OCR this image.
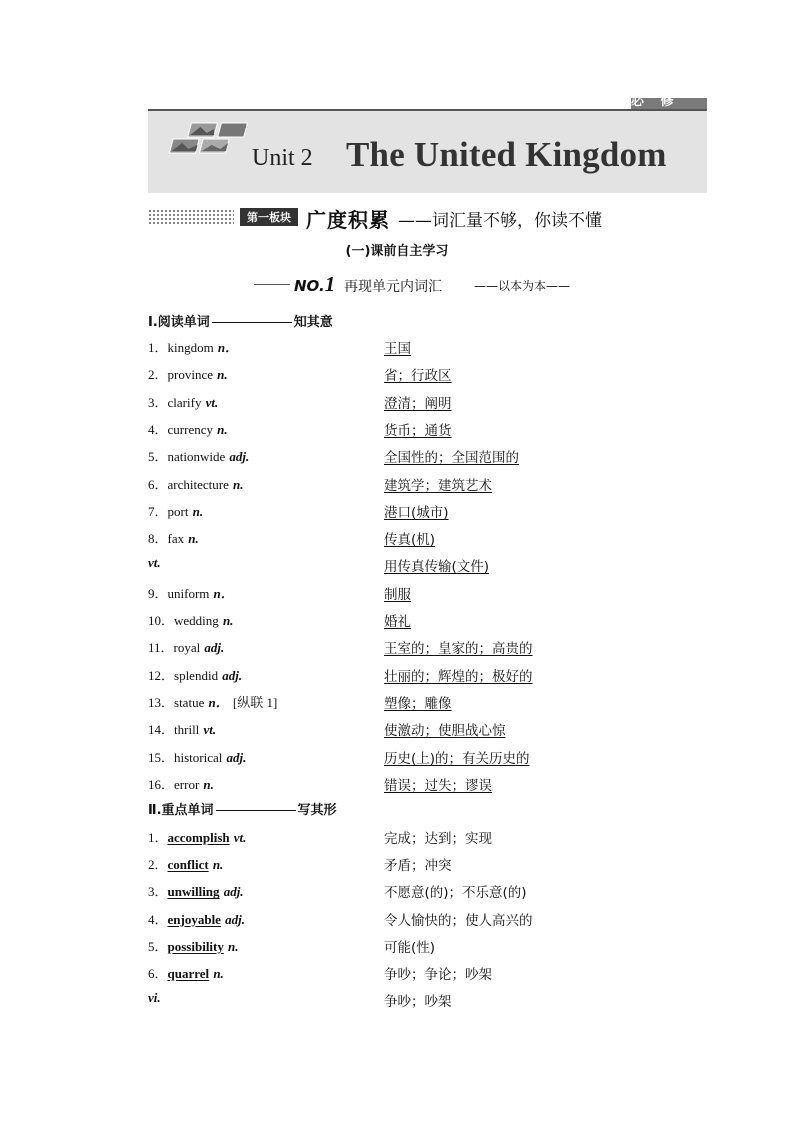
必 修
Unit 2 The United Kingdom
第一板块 广度积累 ——词汇量不够，你读不懂
(一)课前自主学习
NO.1 再现单元内词汇	——以本为本——
Ⅰ.阅读单词	知其意
1．kingdom n．	王国
2．province n.	省；行政区
3．clarify vt.	澄清；阐明
4．currency n.	货币；通货
5．nationwide adj.	全国性的；全国范围的
6．architecture n.	建筑学；建筑艺术
7．port n.	港口(城市)
8．fax n.	传真(机)
vt.	用传真传输(文件)
9．uniform n．	制服
10．wedding n.	婚礼
11．royal adj.	王室的；皇家的；高贵的
12．splendid adj.	壮丽的；辉煌的；极好的
13．statue n． [纵联 1]	塑像；雕像
14．thrill vt.	使激动；使胆战心惊
15．historical adj.	历史(上)的；有关历史的
16．error n.	错误；过失；谬误
Ⅱ.重点单词	写其形
1．accomplish vt.	完成；达到；实现
2．conflict n.	矛盾；冲突
3．unwilling adj.	不愿意(的)；不乐意(的)
4．enjoyable adj.	令人愉快的；使人高兴的
5．possibility n.	可能(性)
6．quarrel n.	争吵；争论；吵架
vi.	争吵；吵架
